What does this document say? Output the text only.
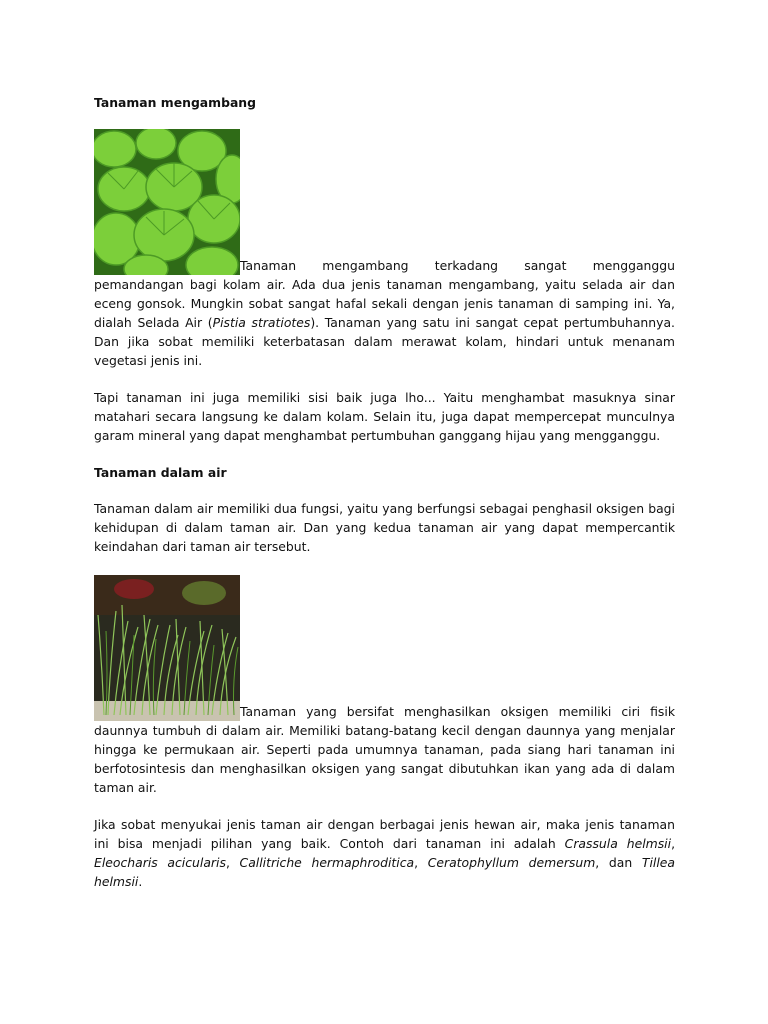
Tanaman mengambang

Tanaman mengambang terkadang sangat mengganggu pemandangan bagi kolam air. Ada dua jenis tanaman mengambang, yaitu selada air dan eceng gonsok. Mungkin sobat sangat hafal sekali dengan jenis tanaman di samping ini. Ya, dialah Selada Air (Pistia stratiotes). Tanaman yang satu ini sangat cepat pertumbuhannya. Dan jika sobat memiliki keterbatasan dalam merawat kolam, hindari untuk menanam vegetasi jenis ini.

Tapi tanaman ini juga memiliki sisi baik juga lho... Yaitu menghambat masuknya sinar matahari secara langsung ke dalam kolam. Selain itu, juga dapat mempercepat munculnya garam mineral yang dapat menghambat pertumbuhan ganggang hijau yang mengganggu.

Tanaman dalam air

Tanaman dalam air memiliki dua fungsi, yaitu yang berfungsi sebagai penghasil oksigen bagi kehidupan di dalam taman air. Dan yang kedua tanaman air yang dapat mempercantik keindahan dari taman air tersebut.

Tanaman yang bersifat menghasilkan oksigen memiliki ciri fisik daunnya tumbuh di dalam air. Memiliki batang-batang kecil dengan daunnya yang menjalar hingga ke permukaan air. Seperti pada umumnya tanaman, pada siang hari tanaman ini berfotosintesis dan menghasilkan oksigen yang sangat dibutuhkan ikan yang ada di dalam taman air.

Jika sobat menyukai jenis taman air dengan berbagai jenis hewan air, maka jenis tanaman ini bisa menjadi pilihan yang baik. Contoh dari tanaman ini adalah Crassula helmsii, Eleocharis acicularis, Callitriche hermaphroditica, Ceratophyllum demersum, dan Tillea helmsii.
